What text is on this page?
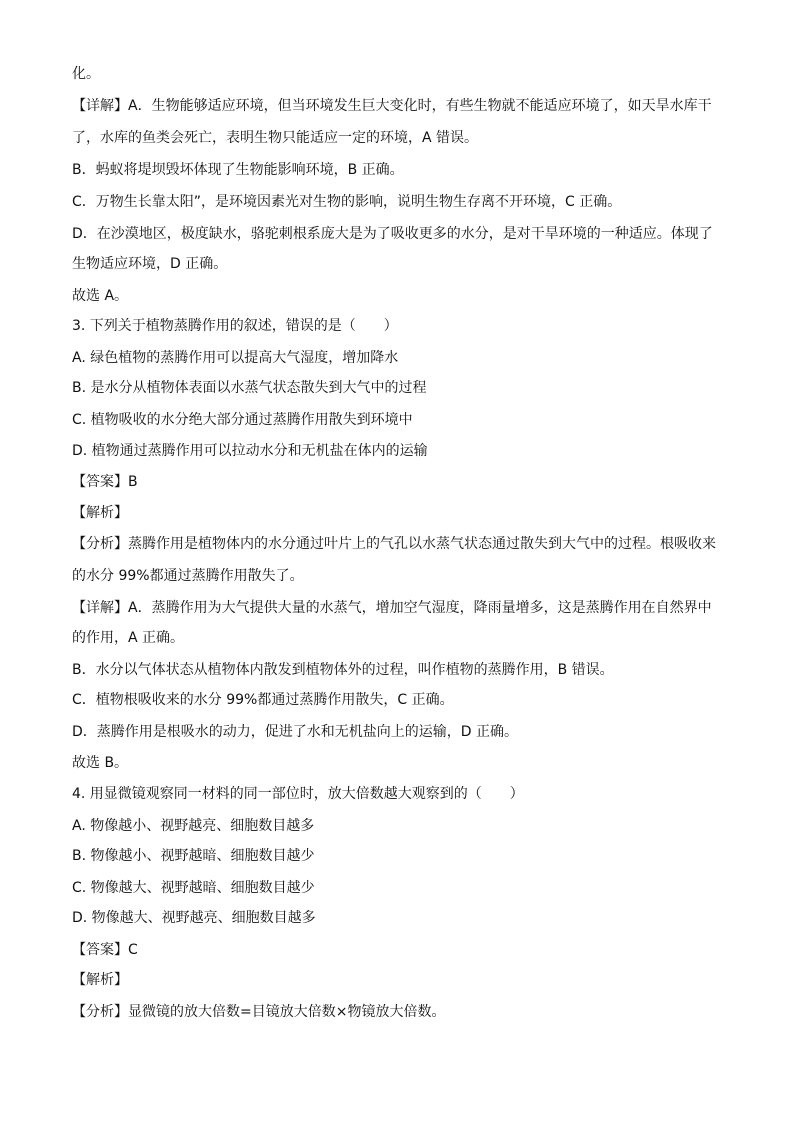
化。
【详解】A．生物能够适应环境，但当环境发生巨大变化时，有些生物就不能适应环境了，如天旱水库干
了，水库的鱼类会死亡，表明生物只能适应一定的环境，A 错误。
B．蚂蚁将堤坝毁坏体现了生物能影响环境，B 正确。
C．万物生长靠太阳”，是环境因素光对生物的影响，说明生物生存离不开环境，C 正确。
D．在沙漠地区，极度缺水，骆驼刺根系庞大是为了吸收更多的水分，是对干旱环境的一种适应。体现了
生物适应环境，D 正确。
故选 A。
3. 下列关于植物蒸腾作用的叙述，错误的是（　　）
A. 绿色植物的蒸腾作用可以提高大气湿度，增加降水
B. 是水分从植物体表面以水蒸气状态散失到大气中的过程
C. 植物吸收的水分绝大部分通过蒸腾作用散失到环境中
D. 植物通过蒸腾作用可以拉动水分和无机盐在体内的运输
【答案】B
【解析】
【分析】蒸腾作用是植物体内的水分通过叶片上的气孔以水蒸气状态通过散失到大气中的过程。根吸收来
的水分 99%都通过蒸腾作用散失了。
【详解】A．蒸腾作用为大气提供大量的水蒸气，增加空气湿度，降雨量增多，这是蒸腾作用在自然界中
的作用，A 正确。
B．水分以气体状态从植物体内散发到植物体外的过程，叫作植物的蒸腾作用，B 错误。
C．植物根吸收来的水分 99%都通过蒸腾作用散失，C 正确。
D．蒸腾作用是根吸水的动力，促进了水和无机盐向上的运输，D 正确。
故选 B。
4. 用显微镜观察同一材料的同一部位时，放大倍数越大观察到的（　　）
A. 物像越小、视野越亮、细胞数目越多
B. 物像越小、视野越暗、细胞数目越少
C. 物像越大、视野越暗、细胞数目越少
D. 物像越大、视野越亮、细胞数目越多
【答案】C
【解析】
【分析】显微镜的放大倍数=目镜放大倍数×物镜放大倍数。
